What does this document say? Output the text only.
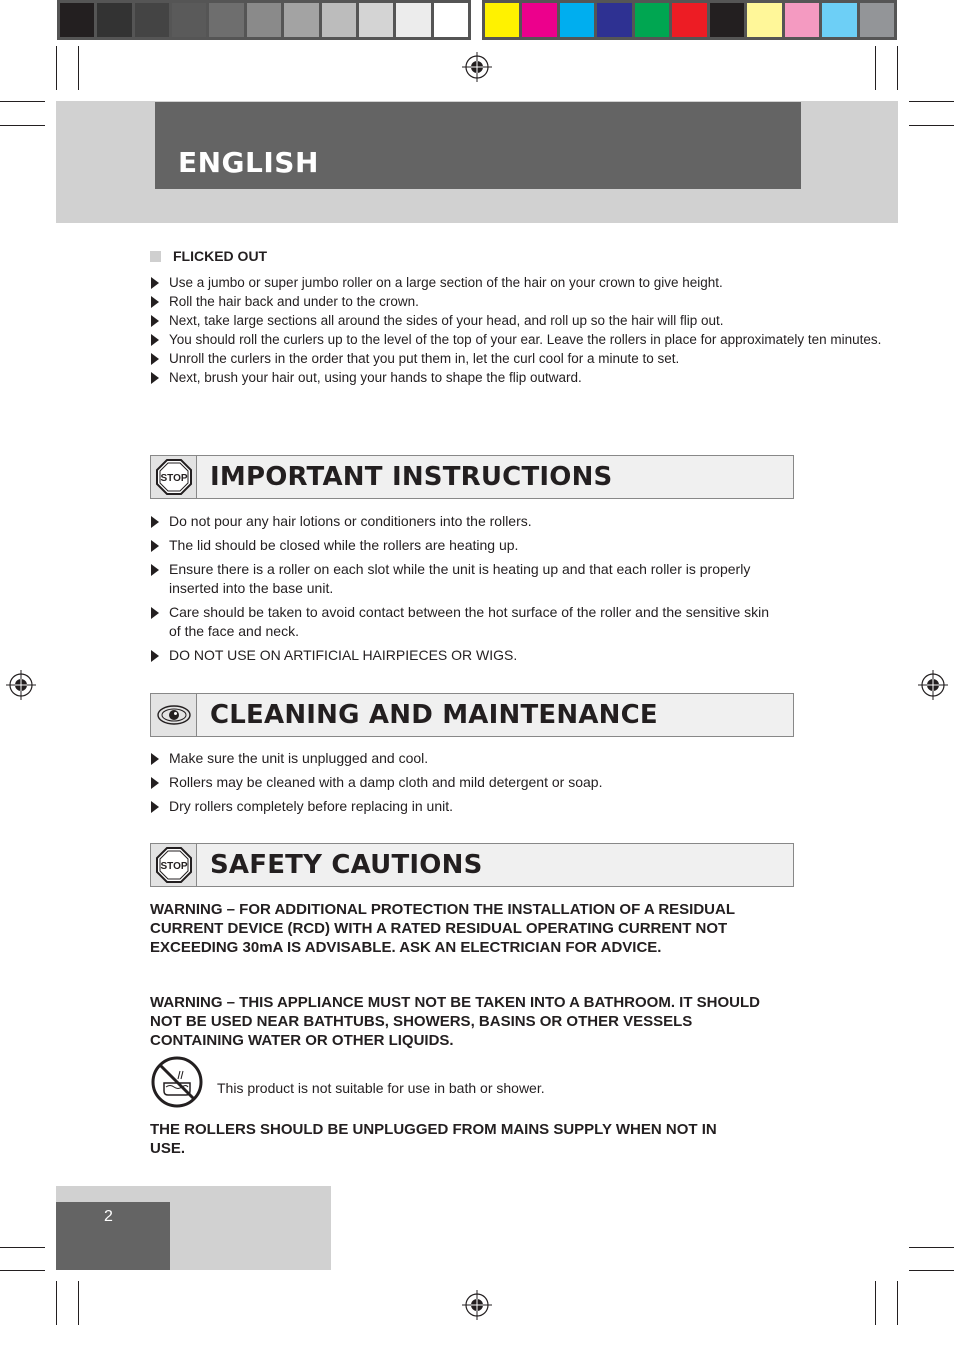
ENGLISH
FLICKED OUT
Use a jumbo or super jumbo roller on a large section of the hair on your crown to give height.
Roll the hair back and under to the crown.
Next, take large sections all around the sides of your head, and roll up so the hair will flip out.
You should roll the curlers up to the level of the top of your ear. Leave the rollers in place for approximately ten minutes.
Unroll the curlers in the order that you put them in, let the curl cool for a minute to set.
Next, brush your hair out, using your hands to shape the flip outward.
STOP IMPORTANT INSTRUCTIONS
Do not pour any hair lotions or conditioners into the rollers.
The lid should be closed while the rollers are heating up.
Ensure there is a roller on each slot while the unit is heating up and that each roller is properly inserted into the base unit.
Care should be taken to avoid contact between the hot surface of the roller and the sensitive skin of the face and neck.
DO NOT USE ON ARTIFICIAL HAIRPIECES OR WIGS.
CLEANING AND MAINTENANCE
Make sure the unit is unplugged and cool.
Rollers may be cleaned with a damp cloth and mild detergent or soap.
Dry rollers completely before replacing in unit.
STOP SAFETY CAUTIONS
WARNING – FOR ADDITIONAL PROTECTION THE INSTALLATION OF A RESIDUAL CURRENT DEVICE (RCD) WITH A RATED RESIDUAL OPERATING CURRENT NOT EXCEEDING 30mA IS ADVISABLE. ASK AN ELECTRICIAN FOR ADVICE.
WARNING – THIS APPLIANCE MUST NOT BE TAKEN INTO A BATHROOM. IT SHOULD NOT BE USED NEAR BATHTUBS, SHOWERS, BASINS OR OTHER VESSELS CONTAINING WATER OR OTHER LIQUIDS.
This product is not suitable for use in bath or shower.
THE ROLLERS SHOULD BE UNPLUGGED FROM MAINS SUPPLY WHEN NOT IN USE.
2
